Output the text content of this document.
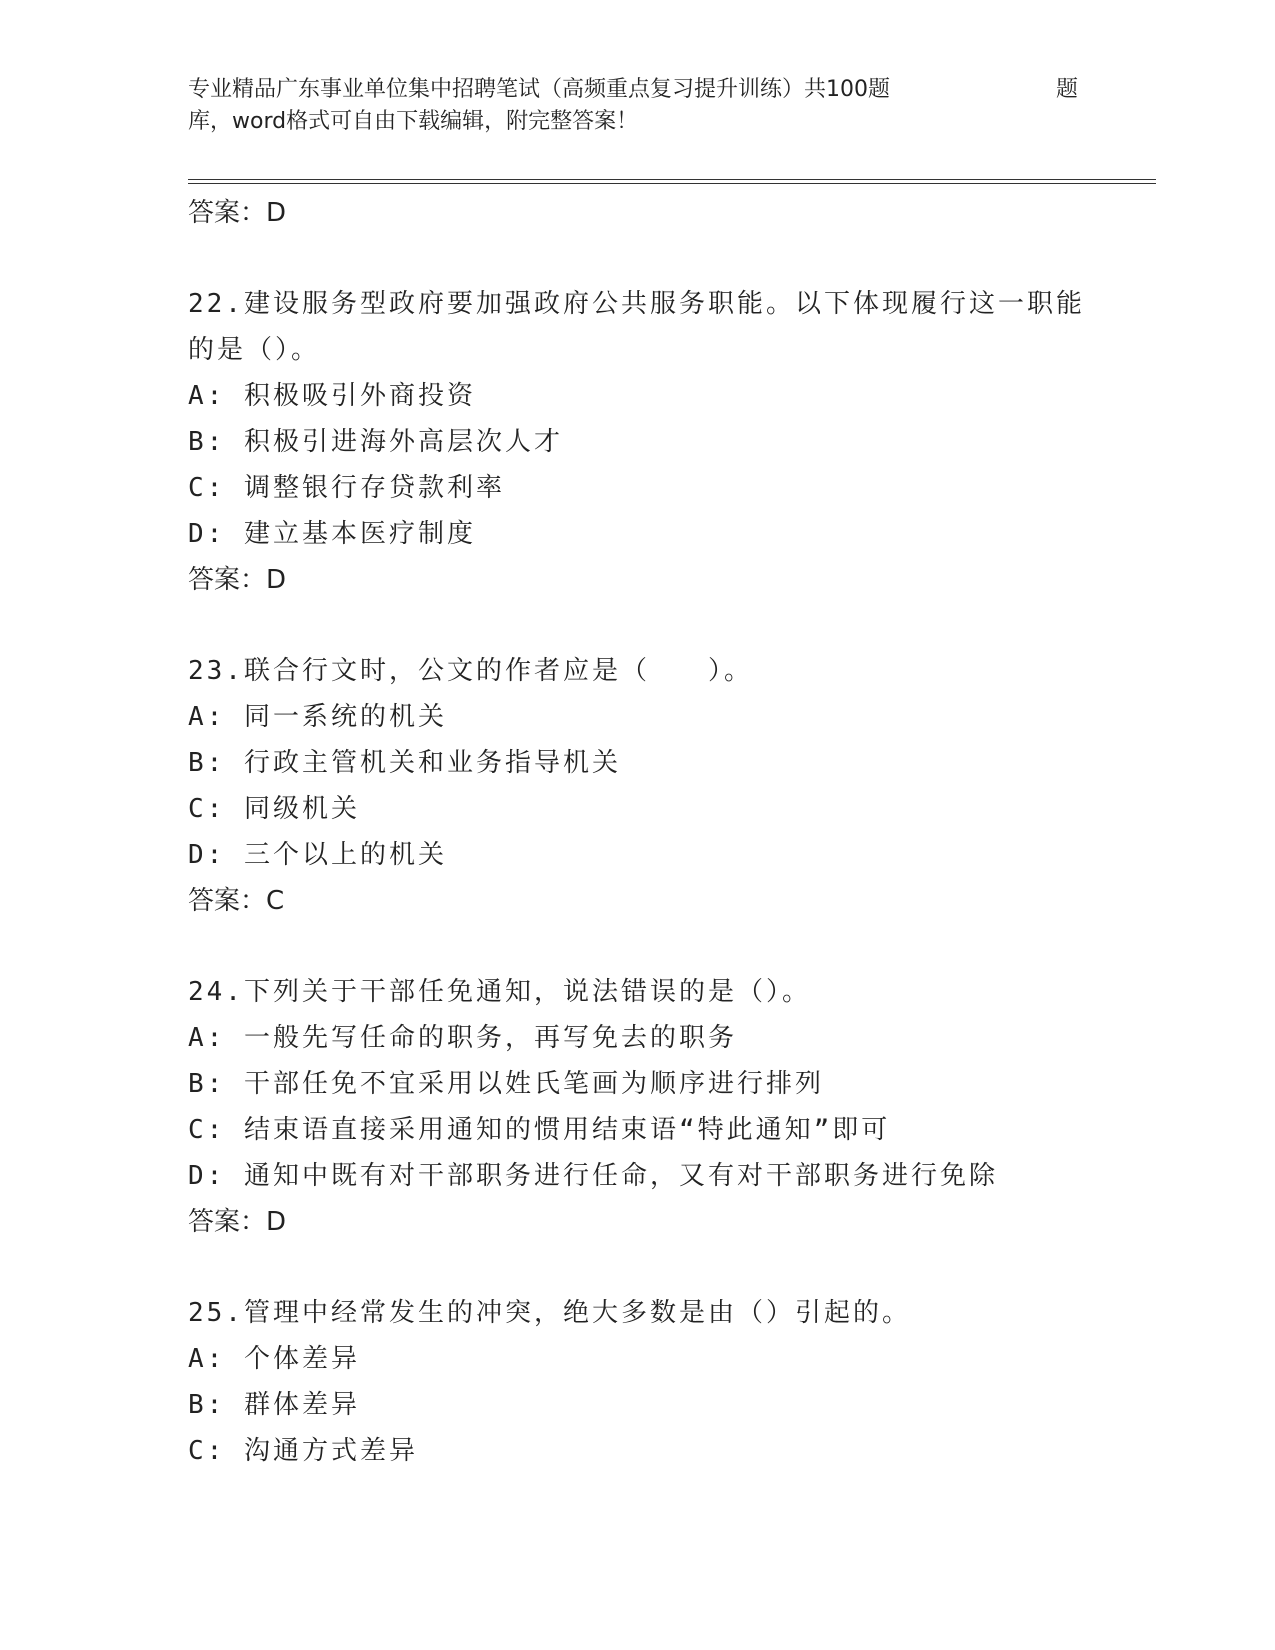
专业精品广东事业单位集中招聘笔试（高频重点复习提升训练）共100题	题
库，word格式可自由下载编辑，附完整答案！
答案：D
22.建设服务型政府要加强政府公共服务职能。以下体现履行这一职能
的是（）。
A: 积极吸引外商投资
B: 积极引进海外高层次人才
C: 调整银行存贷款利率
D: 建立基本医疗制度
答案：D
23.联合行文时，公文的作者应是（　　）。
A: 同一系统的机关
B: 行政主管机关和业务指导机关
C: 同级机关
D: 三个以上的机关
答案：C
24.下列关于干部任免通知，说法错误的是（）。
A: 一般先写任命的职务，再写免去的职务
B: 干部任免不宜采用以姓氏笔画为顺序进行排列
C: 结束语直接采用通知的惯用结束语“特此通知”即可
D: 通知中既有对干部职务进行任命，又有对干部职务进行免除
答案：D
25.管理中经常发生的冲突，绝大多数是由（）引起的。
A: 个体差异
B: 群体差异
C: 沟通方式差异
